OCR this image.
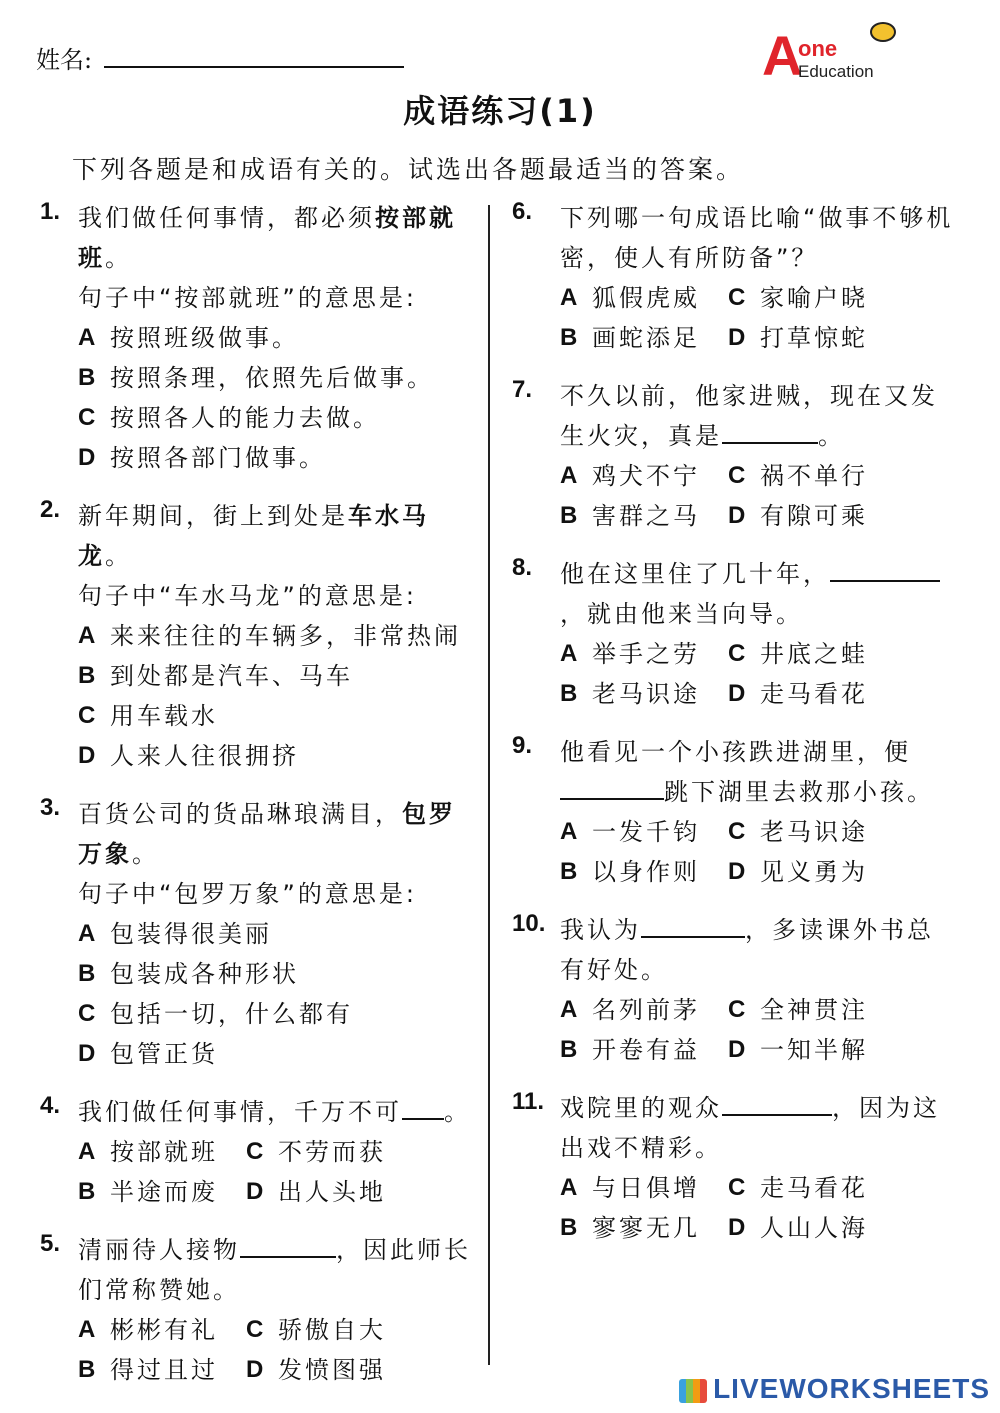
姓名:	A
one
Education
成语练习(1)
下列各题是和成语有关的。试选出各题最适当的答案。
1. 我们做任何事情，都必须按部就班。
句子中“按部就班”的意思是:
A 按照班级做事。
B 按照条理，依照先后做事。
C 按照各人的能力去做。
D 按照各部门做事。
2. 新年期间，街上到处是车水马龙。
句子中“车水马龙”的意思是:
A 来来往往的车辆多，非常热闹
B 到处都是汽车、马车
C 用车载水
D 人来人往很拥挤
3. 百货公司的货品琳琅满目，包罗万象。
句子中“包罗万象”的意思是:
A 包装得很美丽
B 包装成各种形状
C 包括一切，什么都有
D 包管正货
4. 我们做任何事情，千万不可 。
A 按部就班 C 不劳而获
B 半途而废 D 出人头地
5. 清丽待人接物	，因此师长们常称赞她。
A 彬彬有礼 C 骄傲自大
B 得过且过 D 发愤图强
6. 下列哪一句成语比喻“做事不够机密，使人有所防备”？
A 狐假虎威 C 家喻户晓
B 画蛇添足 D 打草惊蛇
7. 不久以前，他家进贼，现在又发生火灾，真是	。
A 鸡犬不宁 C 祸不单行
B 害群之马 D 有隙可乘
8. 他在这里住了几十年，，就由他来当向导。
A 举手之劳 C 井底之蛙
B 老马识途 D 走马看花
9. 他看见一个小孩跌进湖里，便跳下湖里去救那小孩。
A 一发千钧 C 老马识途
B 以身作则 D 见义勇为
10. 我认为	，多读课外书总有好处。
A 名列前茅 C 全神贯注
B 开卷有益 D 一知半解
11. 戏院里的观众	，因为这出戏不精彩。
A 与日俱增 C 走马看花
B 寥寥无几 D 人山人海
LIVEWORKSHEETS
